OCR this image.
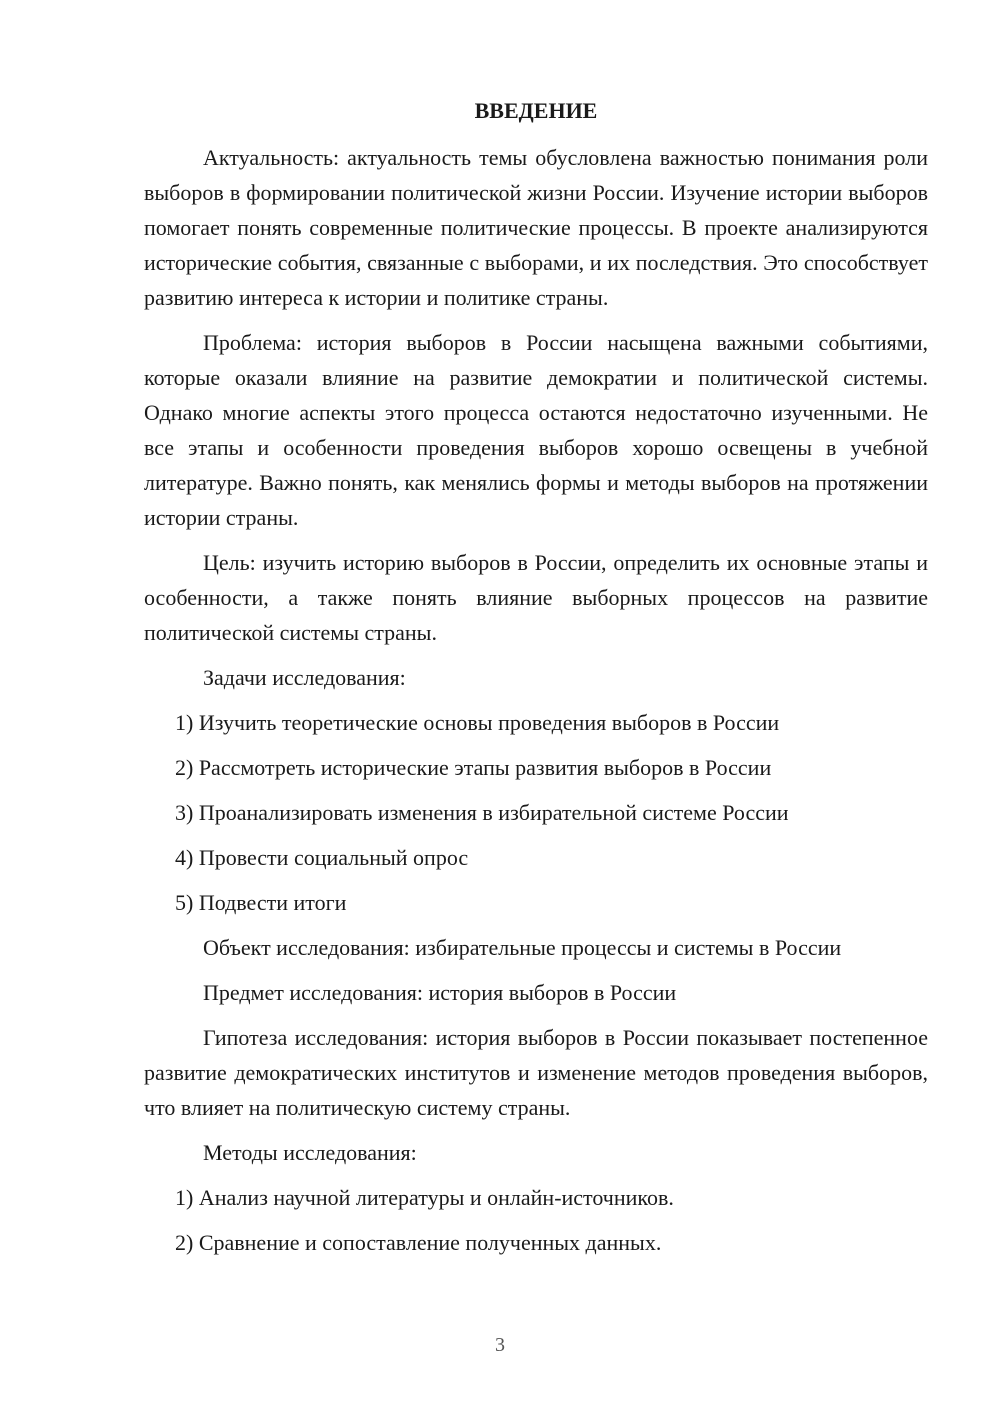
ВВЕДЕНИЕ

Актуальность: актуальность темы обусловлена важностью понимания роли выборов в формировании политической жизни России. Изучение истории выборов помогает понять современные политические процессы. В проекте анализируются исторические события, связанные с выборами, и их последствия. Это способствует развитию интереса к истории и политике страны.

Проблема: история выборов в России насыщена важными событиями, которые оказали влияние на развитие демократии и политической системы. Однако многие аспекты этого процесса остаются недостаточно изученными. Не все этапы и особенности проведения выборов хорошо освещены в учебной литературе. Важно понять, как менялись формы и методы выборов на протяжении истории страны.

Цель: изучить историю выборов в России, определить их основные этапы и особенности, а также понять влияние выборных процессов на развитие политической системы страны.

Задачи исследования:
1) Изучить теоретические основы проведения выборов в России
2) Рассмотреть исторические этапы развития выборов в России
3) Проанализировать изменения в избирательной системе России
4) Провести социальный опрос
5) Подвести итоги
Объект исследования: избирательные процессы и системы в России
Предмет исследования: история выборов в России

Гипотеза исследования: история выборов в России показывает постепенное развитие демократических институтов и изменение методов проведения выборов, что влияет на политическую систему страны.

Методы исследования:
1) Анализ научной литературы и онлайн-источников.
2) Сравнение и сопоставление полученных данных.
3
